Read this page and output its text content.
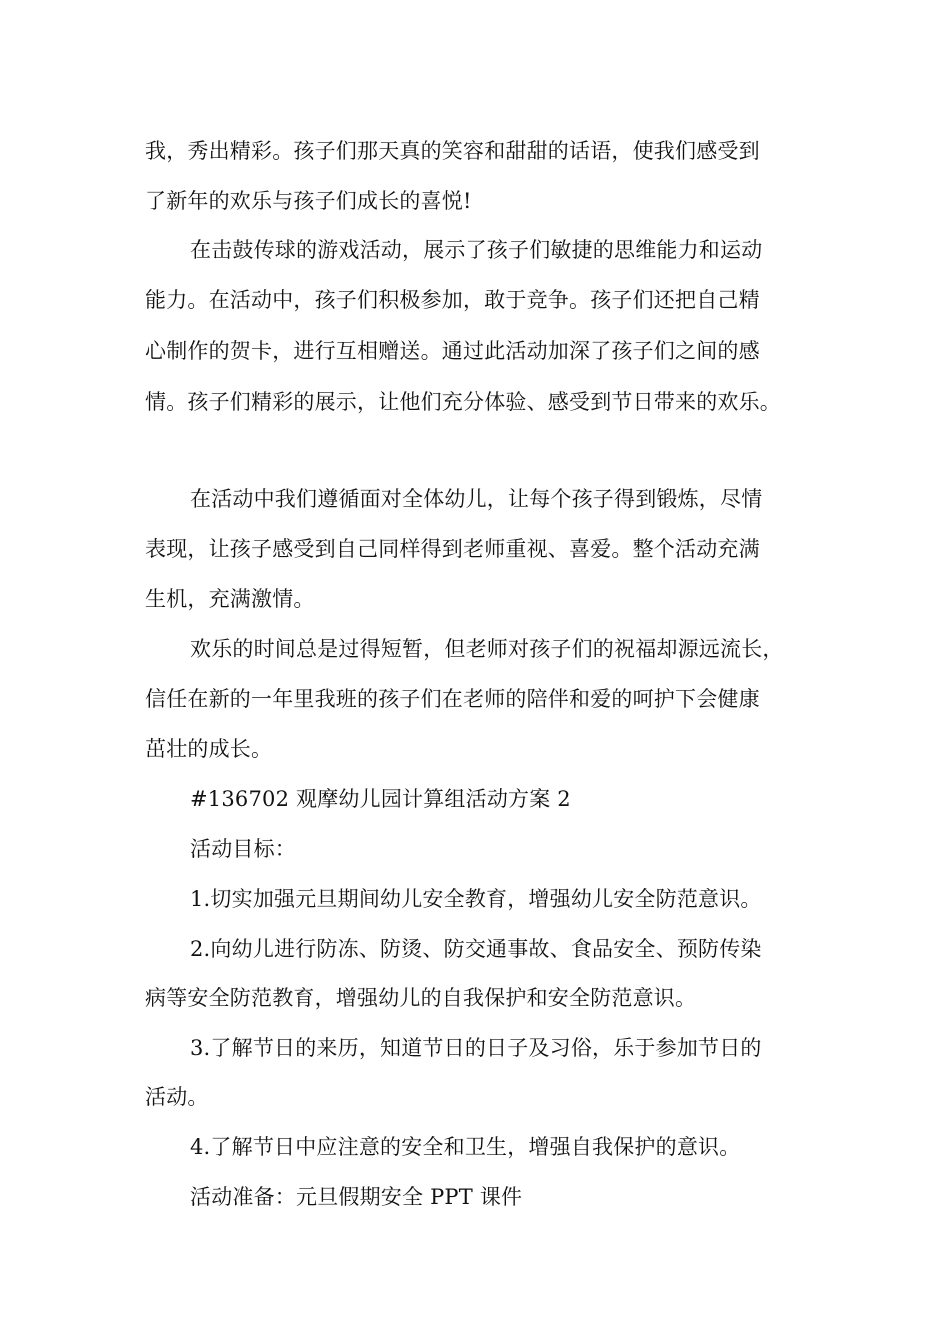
我，秀出精彩。孩子们那天真的笑容和甜甜的话语，使我们感受到
了新年的欢乐与孩子们成长的喜悦!
在击鼓传球的游戏活动，展示了孩子们敏捷的思维能力和运动
能力。在活动中，孩子们积极参加，敢于竞争。孩子们还把自己精
心制作的贺卡，进行互相赠送。通过此活动加深了孩子们之间的感
情。孩子们精彩的展示，让他们充分体验、感受到节日带来的欢乐。
在活动中我们遵循面对全体幼儿，让每个孩子得到锻炼，尽情
表现，让孩子感受到自己同样得到老师重视、喜爱。整个活动充满
生机，充满激情。
欢乐的时间总是过得短暂，但老师对孩子们的祝福却源远流长，
信任在新的一年里我班的孩子们在老师的陪伴和爱的呵护下会健康
茁壮的成长。
#136702 观摩幼儿园计算组活动方案 2
活动目标：
1.切实加强元旦期间幼儿安全教育，增强幼儿安全防范意识。
2.向幼儿进行防冻、防烫、防交通事故、食品安全、预防传染
病等安全防范教育，增强幼儿的自我保护和安全防范意识。
3.了解节日的来历，知道节日的日子及习俗，乐于参加节日的
活动。
4.了解节日中应注意的安全和卫生，增强自我保护的意识。
活动准备：元旦假期安全 PPT 课件
